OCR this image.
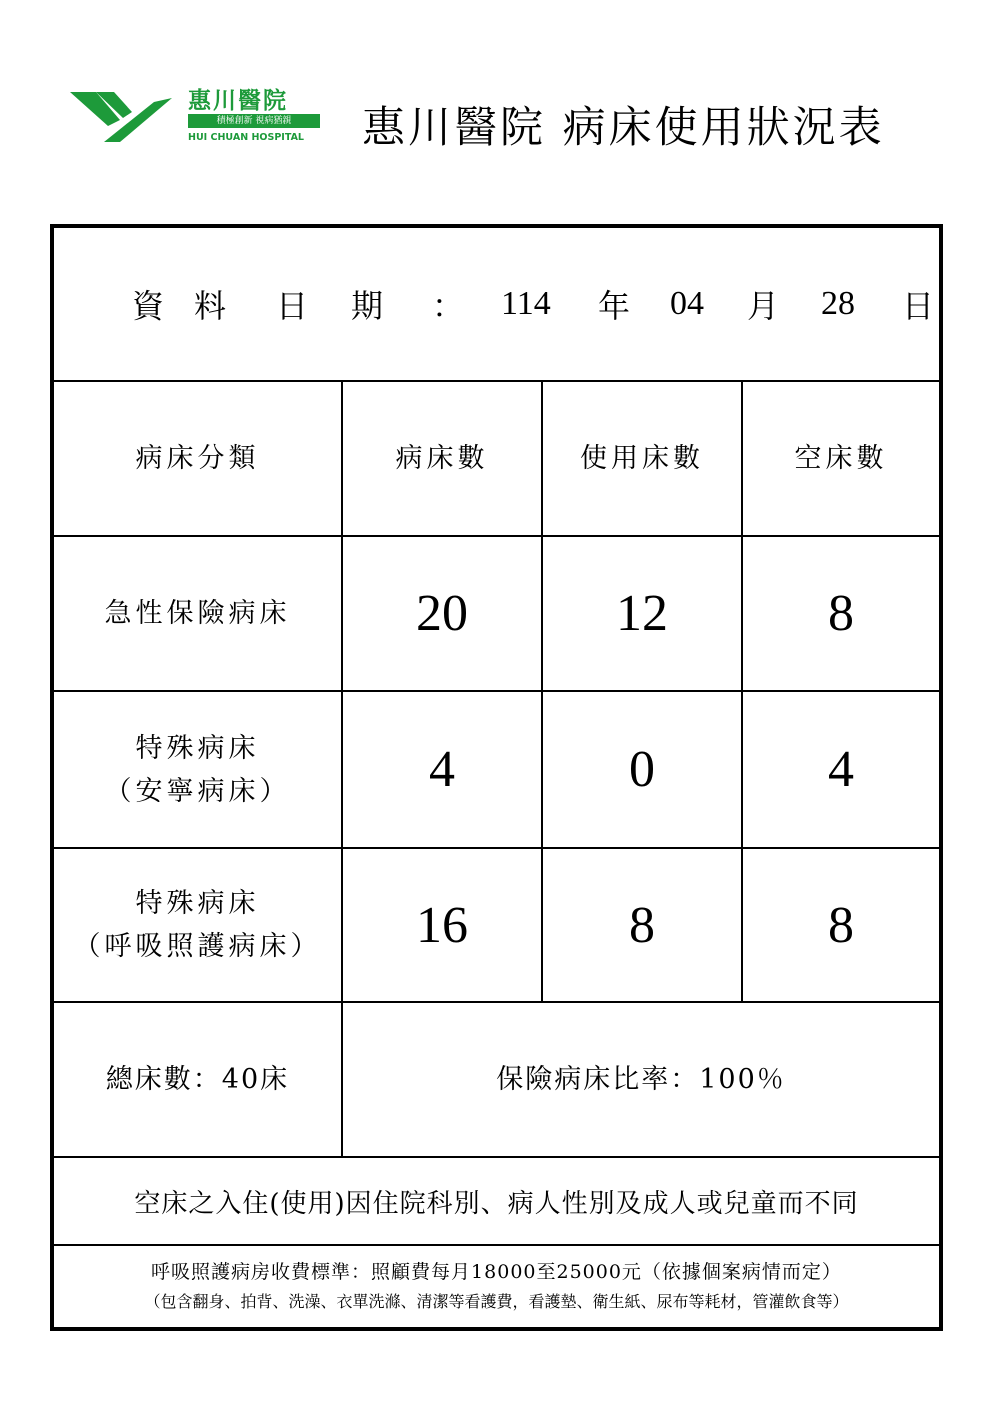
惠川醫院
積極創新 視病猶親
HUI CHUAN HOSPITAL 惠川醫院 病床使用狀況表
資 料 日 期 ： 114 年 04 月 28 日
病床分類	病床數	使用床數	空床數
急性保險病床 20	12	8
特殊病床
（安寧病床）	4	0	4
特殊病床
（呼吸照護病床） 16	8	8
總床數：40床	保險病床比率：100％
空床之入住(使用)因住院科別、病人性別及成人或兒童而不同
呼吸照護病房收費標準：照顧費每月18000至25000元（依據個案病情而定）
（包含翻身、拍背、洗澡、衣單洗滌、清潔等看護費，看護墊、衛生紙、尿布等耗材，管灌飲食等）
